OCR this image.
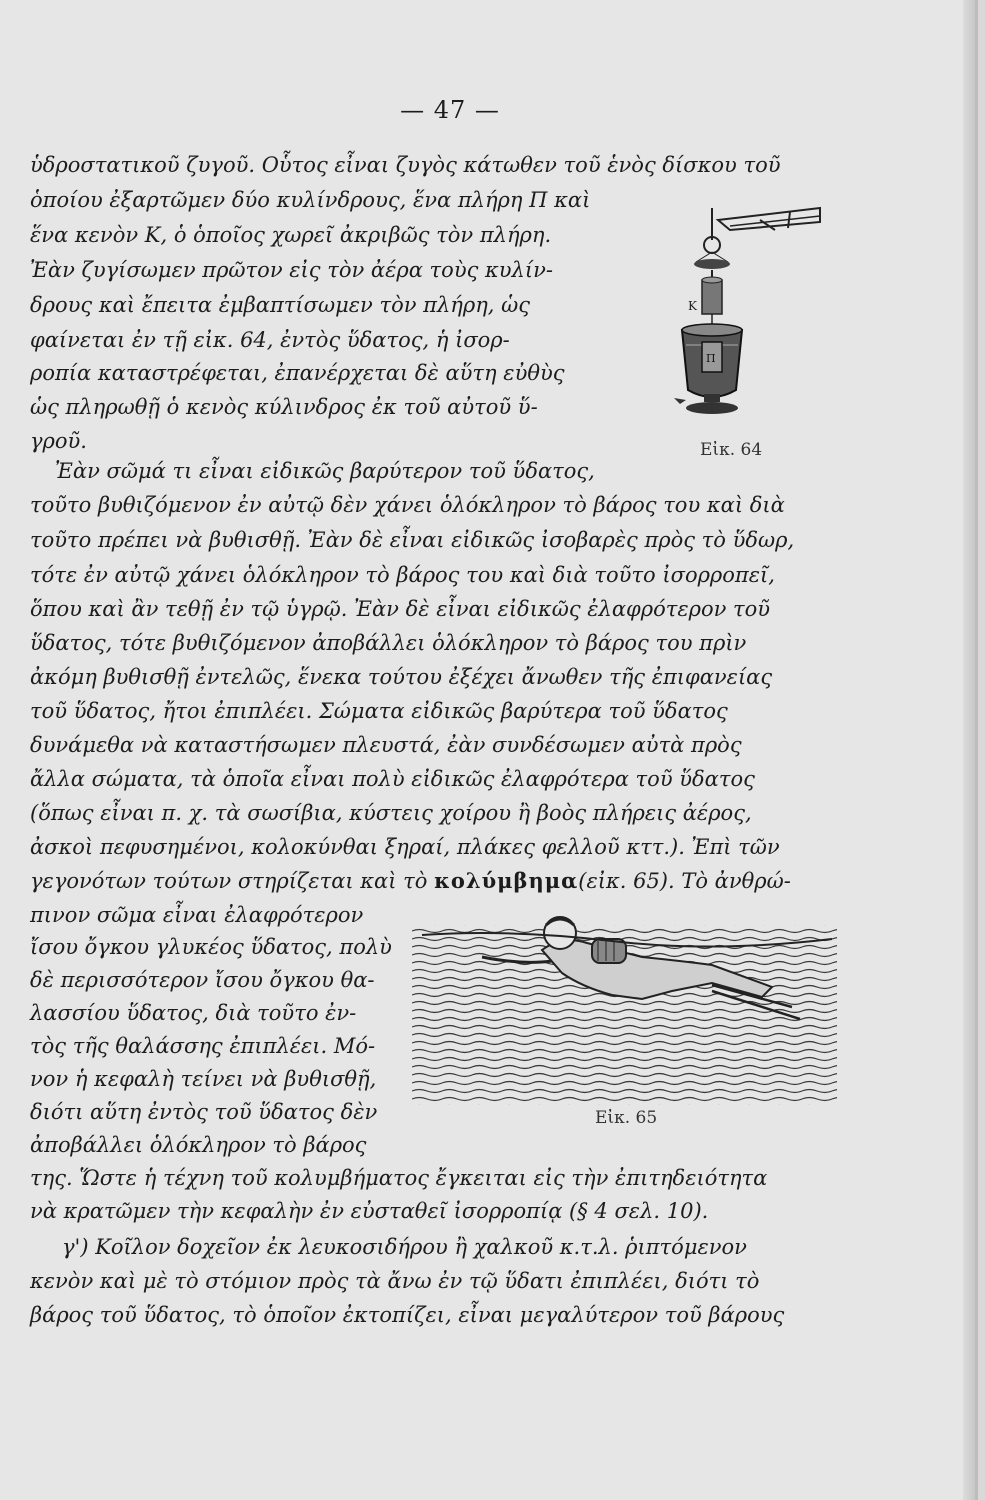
— 47 —
ὑδροστατικοῦ ζυγοῦ. Οὗτος εἶναι ζυγὸς κάτωθεν τοῦ ἑνὸς δίσκου τοῦ
ὁποίου ἐξαρτῶμεν δύο κυλίνδρους, ἕνα πλήρη Π καὶ
ἕνα κενὸν Κ, ὁ ὁποῖος χωρεῖ ἀκριβῶς τὸν πλήρη.
Ἐὰν ζυγίσωμεν πρῶτον εἰς τὸν ἀέρα τοὺς κυλίν-
δρους καὶ ἔπειτα ἐμβαπτίσωμεν τὸν πλήρη, ὡς
φαίνεται ἐν τῇ εἰκ. 64, ἐντὸς ὕδατος, ἡ ἰσορ-
ροπία καταστρέφεται, ἐπανέρχεται δὲ αὕτη εὐθὺς
ὡς πληρωθῇ ὁ κενὸς κύλινδρος ἐκ τοῦ αὐτοῦ ὕ-
γροῦ.
Ἐὰν σῶμά τι εἶναι εἰδικῶς βαρύτερον τοῦ ὕδατος,
τοῦτο βυθιζόμενον ἐν αὐτῷ δὲν χάνει ὁλόκληρον τὸ βάρος του καὶ διὰ
τοῦτο πρέπει νὰ βυθισθῇ. Ἐὰν δὲ εἶναι εἰδικῶς ἰσοβαρὲς πρὸς τὸ ὕδωρ,
τότε ἐν αὐτῷ χάνει ὁλόκληρον τὸ βάρος του καὶ διὰ τοῦτο ἰσορροπεῖ,
ὅπου καὶ ἂν τεθῇ ἐν τῷ ὑγρῷ. Ἐὰν δὲ εἶναι εἰδικῶς ἐλαφρότερον τοῦ
ὕδατος, τότε βυθιζόμενον ἀποβάλλει ὁλόκληρον τὸ βάρος του πρὶν
ἀκόμη βυθισθῇ ἐντελῶς, ἕνεκα τούτου ἐξέχει ἄνωθεν τῆς ἐπιφανείας
τοῦ ὕδατος, ἤτοι ἐπιπλέει. Σώματα εἰδικῶς βαρύτερα τοῦ ὕδατος
δυνάμεθα νὰ καταστήσωμεν πλευστά, ἐὰν συνδέσωμεν αὐτὰ πρὸς
ἄλλα σώματα, τὰ ὁποῖα εἶναι πολὺ εἰδικῶς ἐλαφρότερα τοῦ ὕδατος
(ὅπως εἶναι π. χ. τὰ σωσίβια, κύστεις χοίρου ἢ βοὸς πλήρεις ἀέρος,
ἀσκοὶ πεφυσημένοι, κολοκύνθαι ξηραί, πλάκες φελλοῦ κττ.). Ἐπὶ τῶν
γεγονότων τούτων στηρίζεται καὶ τὸ κολύμβημα(εἰκ. 65). Τὸ ἀνθρώ-
πινον σῶμα εἶναι ἐλαφρότερον
ἴσου ὄγκου γλυκέος ὕδατος, πολὺ
δὲ περισσότερον ἴσου ὄγκου θα-
λασσίου ὕδατος, διὰ τοῦτο ἐν-
τὸς τῆς θαλάσσης ἐπιπλέει. Μό-
νον ἡ κεφαλὴ τείνει νὰ βυθισθῇ,
διότι αὕτη ἐντὸς τοῦ ὕδατος δὲν
ἀποβάλλει ὁλόκληρον τὸ βάρος
της. Ὥστε ἡ τέχνη τοῦ κολυμβήματος ἔγκειται εἰς τὴν ἐπιτηδειότητα
νὰ κρατῶμεν τὴν κεφαλὴν ἐν εὐσταθεῖ ἰσορροπίᾳ (§ 4 σελ. 10).
γ') Κοῖλον δοχεῖον ἐκ λευκοσιδήρου ἢ χαλκοῦ κ.τ.λ. ῥιπτόμενον
κενὸν καὶ μὲ τὸ στόμιον πρὸς τὰ ἄνω ἐν τῷ ὕδατι ἐπιπλέει, διότι τὸ
βάρος τοῦ ὕδατος, τὸ ὁποῖον ἐκτοπίζει, εἶναι μεγαλύτερον τοῦ βάρους
K
Π
Εἰκ. 64
Εἰκ. 65
